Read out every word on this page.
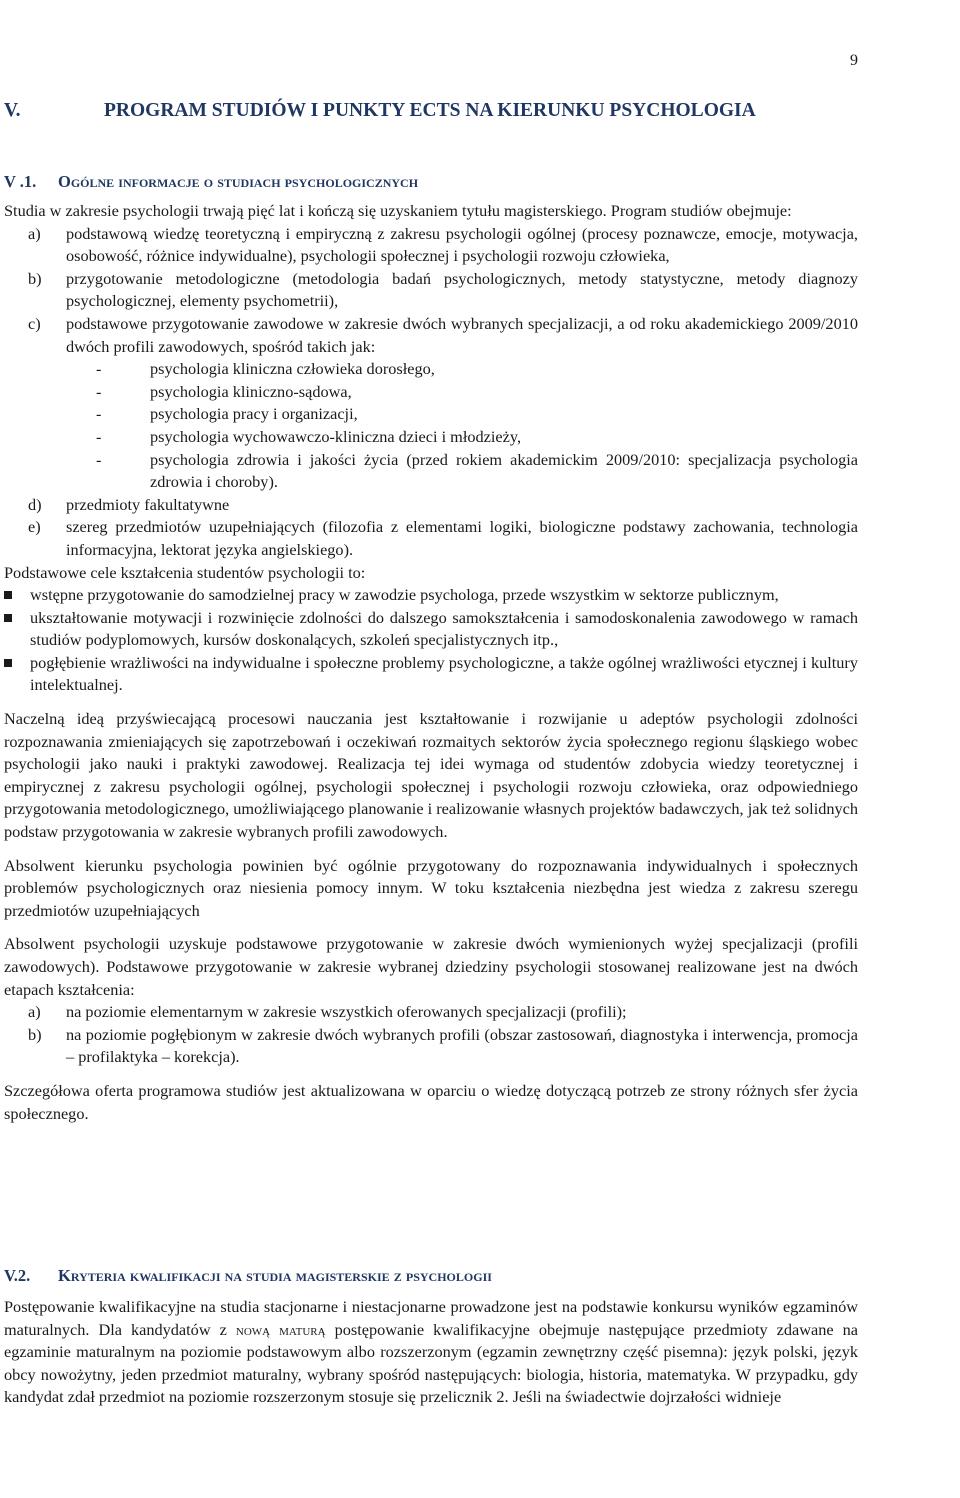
9
V.	PROGRAM STUDIÓW I PUNKTY ECTS NA KIERUNKU PSYCHOLOGIA
V .1. Ogólne informacje o studiach psychologicznych

Studia w zakresie psychologii trwają pięć lat i kończą się uzyskaniem tytułu magisterskiego. Program studiów obejmuje:

a) podstawową wiedzę teoretyczną i empiryczną z zakresu psychologii ogólnej (procesy poznawcze, emocje, motywacja, osobowość, różnice indywidualne), psychologii społecznej i psychologii rozwoju człowieka,

b) przygotowanie metodologiczne (metodologia badań psychologicznych, metody statystyczne, metody diagnozy psychologicznej, elementy psychometrii),

c) podstawowe przygotowanie zawodowe w zakresie dwóch wybranych specjalizacji, a od roku akademickiego 2009/2010 dwóch profili zawodowych, spośród takich jak:

-	psychologia kliniczna człowieka dorosłego,

-	psychologia kliniczno-sądowa,

-	psychologia pracy i organizacji,

-	psychologia wychowawczo-kliniczna dzieci i młodzieży,

-	psychologia zdrowia i jakości życia (przed rokiem akademickim 2009/2010: specjalizacja psychologia zdrowia i choroby).

d) przedmioty fakultatywne

e) szereg przedmiotów uzupełniających (filozofia z elementami logiki, biologiczne podstawy zachowania, technologia informacyjna, lektorat języka angielskiego).

Podstawowe cele kształcenia studentów psychologii to:

wstępne przygotowanie do samodzielnej pracy w zawodzie psychologa, przede wszystkim w sektorze publicznym,

ukształtowanie motywacji i rozwinięcie zdolności do dalszego samokształcenia i samodoskonalenia zawodowego w ramach studiów podyplomowych, kursów doskonalących, szkoleń specjalistycznych itp.,

pogłębienie wrażliwości na indywidualne i społeczne problemy psychologiczne, a także ogólnej wrażliwości etycznej i kultury intelektualnej.

Naczelną ideą przyświecającą procesowi nauczania jest kształtowanie i rozwijanie u adeptów psychologii zdolności rozpoznawania zmieniających się zapotrzebowań i oczekiwań rozmaitych sektorów życia społecznego regionu śląskiego wobec psychologii jako nauki i praktyki zawodowej. Realizacja tej idei wymaga od studentów zdobycia wiedzy teoretycznej i empirycznej z zakresu psychologii ogólnej, psychologii społecznej i psychologii rozwoju człowieka, oraz odpowiedniego przygotowania metodologicznego, umożliwiającego planowanie i realizowanie własnych projektów badawczych, jak też solidnych podstaw przygotowania w zakresie wybranych profili zawodowych.

Absolwent kierunku psychologia powinien być ogólnie przygotowany do rozpoznawania indywidualnych i społecznych problemów psychologicznych oraz niesienia pomocy innym. W toku kształcenia niezbędna jest wiedza z zakresu szeregu przedmiotów uzupełniających

Absolwent psychologii uzyskuje podstawowe przygotowanie w zakresie dwóch wymienionych wyżej specjalizacji (profili zawodowych). Podstawowe przygotowanie w zakresie wybranej dziedziny psychologii stosowanej realizowane jest na dwóch etapach kształcenia:

a) na poziomie elementarnym w zakresie wszystkich oferowanych specjalizacji (profili);

b) na poziomie pogłębionym w zakresie dwóch wybranych profili (obszar zastosowań, diagnostyka i interwencja, promocja – profilaktyka – korekcja).

Szczegółowa oferta programowa studiów jest aktualizowana w oparciu o wiedzę dotyczącą potrzeb ze strony różnych sfer życia społecznego.

V.2. Kryteria kwalifikacji na studia magisterskie z psychologii

Postępowanie kwalifikacyjne na studia stacjonarne i niestacjonarne prowadzone jest na podstawie konkursu wyników egzaminów maturalnych. Dla kandydatów z nową maturą postępowanie kwalifikacyjne obejmuje następujące przedmioty zdawane na egzaminie maturalnym na poziomie podstawowym albo rozszerzonym (egzamin zewnętrzny część pisemna): język polski, język obcy nowożytny, jeden przedmiot maturalny, wybrany spośród następujących: biologia, historia, matematyka. W przypadku, gdy kandydat zdał przedmiot na poziomie rozszerzonym stosuje się przelicznik 2. Jeśli na świadectwie dojrzałości widnieje
